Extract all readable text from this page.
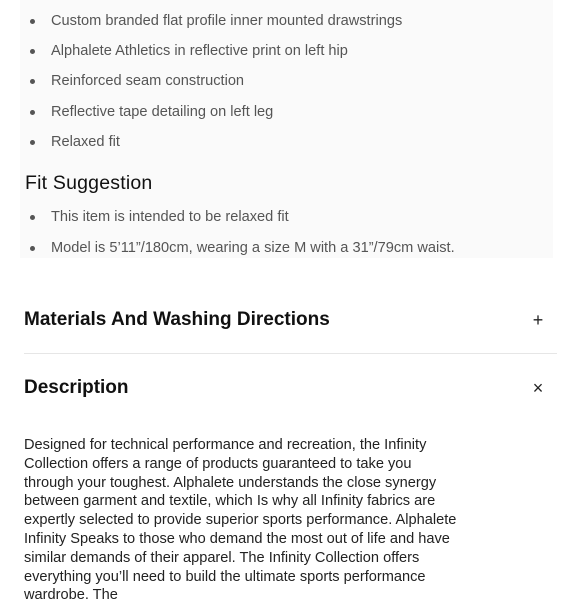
Custom branded flat profile inner mounted drawstrings
Alphalete Athletics in reflective print on left hip
Reinforced seam construction
Reflective tape detailing on left leg
Relaxed fit
Fit Suggestion
This item is intended to be relaxed fit
Model is 5’11”/180cm, wearing a size M with a 31”/79cm waist.
Materials And Washing Directions	+
Description	×

Designed for technical performance and recreation, the Infinity Collection offers a range of products guaranteed to take you through your toughest. Alphalete understands the close synergy between garment and textile, which Is why all Infinity fabrics are expertly selected to provide superior sports performance. Alphalete Infinity Speaks to those who demand the most out of life and have similar demands of their apparel. The Infinity Collection offers everything you’ll need to build the ultimate sports performance wardrobe. The
